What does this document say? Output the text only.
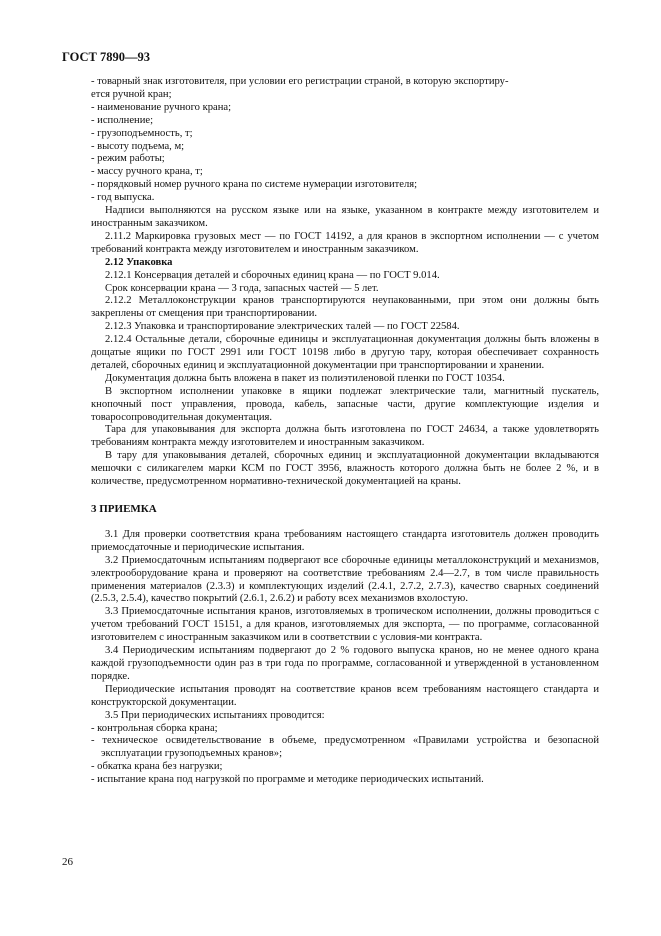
ГОСТ 7890—93

- товарный знак изготовителя, при условии его регистрации страной, в которую экспортиру-

ется ручной кран;

- наименование ручного крана;

- исполнение;

- грузоподъемность, т;

- высоту подъема, м;

- режим работы;

- массу ручного крана, т;

- порядковый номер ручного крана по системе нумерации изготовителя;

- год выпуска.

Надписи выполняются на русском языке или на языке, указанном в контракте между изготовителем и иностранным заказчиком.

2.11.2 Маркировка грузовых мест — по ГОСТ 14192, а для кранов в экспортном исполнении — с учетом требований контракта между изготовителем и иностранным заказчиком.

2.12 Упаковка

2.12.1 Консервация деталей и сборочных единиц крана — по ГОСТ 9.014.

Срок консервации крана — 3 года, запасных частей — 5 лет.

2.12.2 Металлоконструкции кранов транспортируются неупакованными, при этом они должны быть закреплены от смещения при транспортировании.

2.12.3 Упаковка и транспортирование электрических талей — по ГОСТ 22584.

2.12.4 Остальные детали, сборочные единицы и эксплуатационная документация должны быть вложены в дощатые ящики по ГОСТ 2991 или ГОСТ 10198 либо в другую тару, которая обеспечивает сохранность деталей, сборочных единиц и эксплуатационной документации при транспортировании и хранении.

Документация должна быть вложена в пакет из полиэтиленовой пленки по ГОСТ 10354.

В экспортном исполнении упаковке в ящики подлежат электрические тали, магнитный пускатель, кнопочный пост управления, провода, кабель, запасные части, другие комплектующие изделия и товаросопроводительная документация.

Тара для упаковывания для экспорта должна быть изготовлена по ГОСТ 24634, а также удовлетворять требованиям контракта между изготовителем и иностранным заказчиком.

В тару для упаковывания деталей, сборочных единиц и эксплуатационной документации вкладываются мешочки с силикагелем марки КСМ по ГОСТ 3956, влажность которого должна быть не более 2 %, и в количестве, предусмотренном нормативно-технической документацией на краны.

3 ПРИЕМКА

3.1 Для проверки соответствия крана требованиям настоящего стандарта изготовитель должен проводить приемосдаточные и периодические испытания.

3.2 Приемосдаточным испытаниям подвергают все сборочные единицы металлоконструкций и механизмов, электрооборудование крана и проверяют на соответствие требованиям 2.4—2.7, в том числе правильность применения материалов (2.3.3) и комплектующих изделий (2.4.1, 2.7.2, 2.7.3), качество сварных соединений (2.5.3, 2.5.4), качество покрытий (2.6.1, 2.6.2) и работу всех механизмов вхолостую.

3.3 Приемосдаточные испытания кранов, изготовляемых в тропическом исполнении, должны проводиться с учетом требований ГОСТ 15151, а для кранов, изготовляемых для экспорта, — по программе, согласованной изготовителем с иностранным заказчиком или в соответствии с условия-ми контракта.

3.4 Периодическим испытаниям подвергают до 2 % годового выпуска кранов, но не менее одного крана каждой грузоподъемности один раз в три года по программе, согласованной и утвержденной в установленном порядке.

Периодические испытания проводят на соответствие кранов всем требованиям настоящего стандарта и конструкторской документации.

3.5 При периодических испытаниях проводится:

- контрольная сборка крана;

- техническое освидетельствование в объеме, предусмотренном «Правилами устройства и безопасной эксплуатации грузоподъемных кранов»;

- обкатка крана без нагрузки;

- испытание крана под нагрузкой по программе и методике периодических испытаний.

26
